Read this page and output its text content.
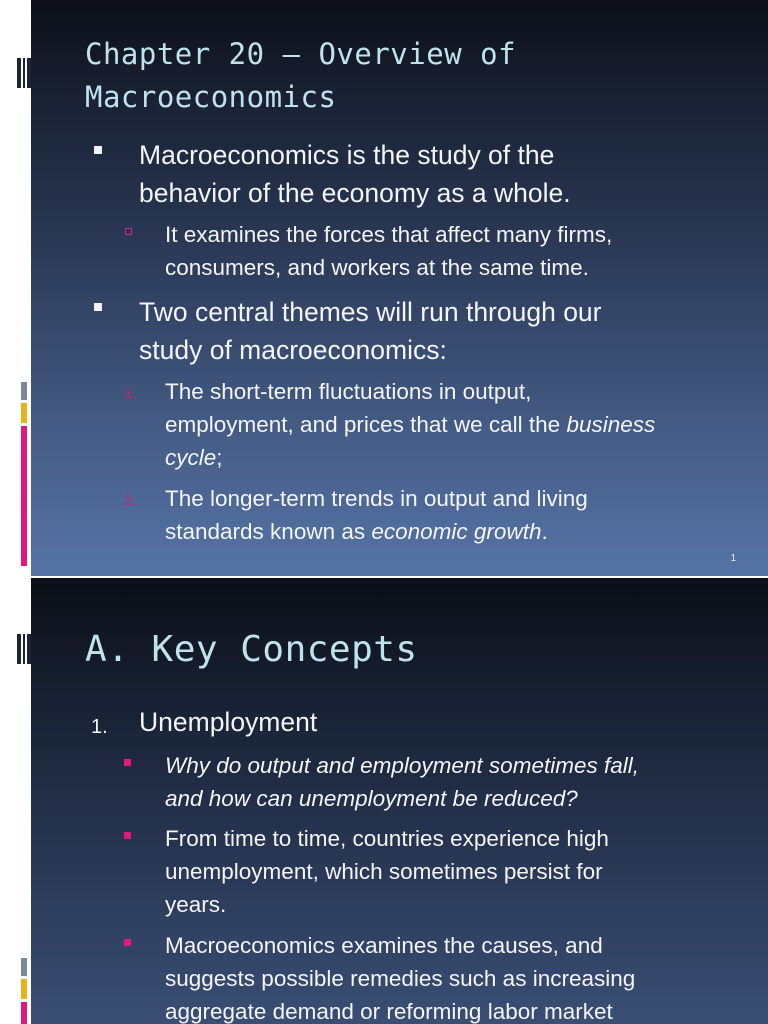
Chapter 20 – Overview of
Macroeconomics
Macroeconomics is the study of the
behavior of the economy as a whole.
It examines the forces that affect many firms,
consumers, and workers at the same time.
Two central themes will run through our
study of macroeconomics:
1. The short-term fluctuations in output,
employment, and prices that we call the business
cycle;
2. The longer-term trends in output and living
standards known as economic growth.
1
A. Key Concepts
1. Unemployment
Why do output and employment sometimes fall,
and how can unemployment be reduced?
From time to time, countries experience high
unemployment, which sometimes persist for
years.
Macroeconomics examines the causes, and
suggests possible remedies such as increasing
aggregate demand or reforming labor market
